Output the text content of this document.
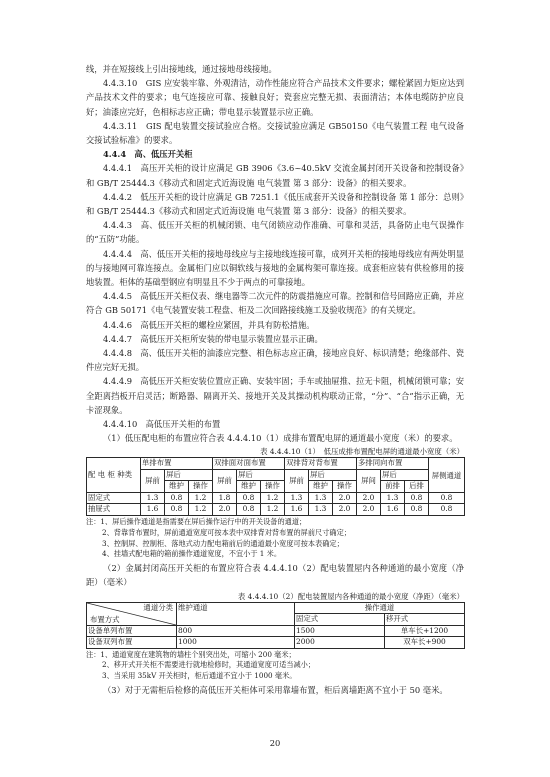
线，并在短接线上引出接地线，通过接地母线接地。

4.4.3.10　GIS 应安装牢靠、外观清洁，动作性能应符合产品技术文件要求；螺栓紧固力矩应达到产品技术文件的要求；电气连接应可靠、接触良好；瓷套应完整无损、表面清洁；本体电缆防护应良好；油漆应完好，色相标志应正确；带电显示装置显示应正确。

4.4.3.11　GIS 配电装置交接试验应合格。交接试验应满足 GB50150《电气装置工程 电气设备交接试验标准》的要求。

4.4.4　高、低压开关柜

4.4.4.1　高压开关柜的设计应满足 GB 3906《3.6~40.5kV 交流金属封闭开关设备和控制设备》和 GB/T 25444.3《移动式和固定式近海设施 电气装置 第 3 部分：设备》的相关要求。

4.4.4.2　低压开关柜的设计应满足 GB 7251.1《低压成套开关设备和控制设备 第 1 部分：总则》和 GB/T 25444.3《移动式和固定式近海设施 电气装置 第 3 部分：设备》的相关要求。

4.4.4.3　高、低压开关柜的机械闭锁、电气闭锁应动作准确、可靠和灵活，具备防止电气误操作的“五防”功能。

4.4.4.4　高、低压开关柜的接地母线应与主接地线连接可靠，成列开关柜的接地母线应有两处明显的与接地网可靠连接点。金属柜门应以铜软线与接地的金属构架可靠连接。成套柜应装有供检修用的接地装置。柜体的基础型钢应有明显且不少于两点的可靠接地。

4.4.4.5　高低压开关柜仪表、继电器等二次元件的防震措施应可靠。控制和信号回路应正确，并应符合 GB 50171《电气装置安装工程盘、柜及二次回路接线施工及验收规范》的有关规定。

4.4.4.6　高低压开关柜的螺栓应紧固，并具有防松措施。

4.4.4.7　高低压开关柜所安装的带电显示装置应显示正确。

4.4.4.8　高、低压开关柜的油漆应完整、相色标志应正确，接地应良好、标识清楚；绝缘部件、瓷件应完好无损。

4.4.4.9　高低压开关柜安装位置应正确、安装牢固；手车或抽屉推、拉无卡阻，机械闭锁可靠；安全距离挡板开启灵活；断路器、隔离开关、接地开关及其操动机构联动正常，“分”、“合”指示正确，无卡涩现象。

4.4.4.10　高低压开关柜的布置

（1）低压配电柜的布置应符合表 4.4.4.10（1）成排布置配电屏的通道最小宽度（米）的要求。

表 4.4.4.10（1）　低压成排布置配电屏的通道最小宽度（米）
配 电 柜 种类	单排布置			双排面对面布置			双排背对背布置			多排同向布置			屏侧通道
	屏前	屏后		屏前	屏后		屏前	屏后		屏间	屏后		
		维护	操作		维护	操作		维护	操作		前排	后排	
固定式	1.3	0.8	1.2	1.8	0.8	1.2	1.3	1.3	2.0	2.0	1.3	0.8	0.8
抽屉式	1.6	0.8	1.2	2.0	0.8	1.2	1.6	1.3	2.0	2.0	1.6	0.8	0.8

注：1、屏后操作通道是指需要在屏后操作运行中的开关设备的通道；

2、背靠背布置时，屏前通道宽度可按本表中双排背对背布置的屏前尺寸确定；

3、控制屏、控制柜、落地式动力配电箱前后的通道最小宽度可按本表确定；

4、挂墙式配电箱的箱前操作通道宽度，不宜小于 1 米。

（2）金属封闭高压开关柜的布置应符合表 4.4.4.10（2）配电装置屋内各种通道的最小宽度（净距）（毫米）

表 4.4.4.10（2）配电装置屋内各种通道的最小宽度（净距）（毫米）
通道分类
布置方式	维护通道	操作通道	
		固定式	移开式
设备单列布置	800	1500	单车长+1200
设备双列布置	1000	2000	双车长+900

注：1、通道宽度在建筑物的墙柱个别突出处，可缩小 200 毫米；

2、移开式开关柜不需要进行就地检修时，其通道宽度可适当减小；

3、当采用 35kV 开关柜时，柜后通道不宜小于 1000 毫米。

（3）对于无需柜后检修的高低压开关柜体可采用靠墙布置，柜后离墙距离不宜小于 50 毫米。

20
